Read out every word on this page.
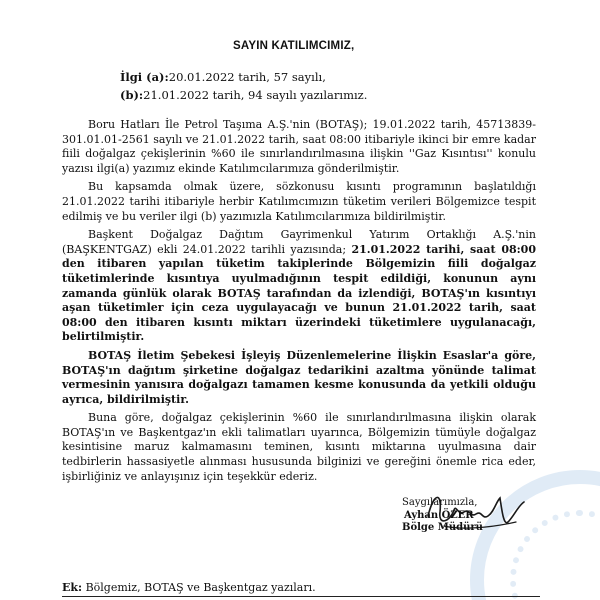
SAYIN KATILIMCIMIZ,
İlgi (a):20.01.2022 tarih, 57 sayılı,
(b):21.01.2022 tarih, 94 sayılı yazılarımız.

Boru Hatları İle Petrol Taşıma A.Ş.'nin (BOTAŞ); 19.01.2022 tarih, 45713839-301.01.01-2561 sayılı ve 21.01.2022 tarih, saat 08:00 itibariyle ikinci bir emre kadar fiili doğalgaz çekişlerinin %60 ile sınırlandırılmasına ilişkin ''Gaz Kısıntısı'' konulu yazısı ilgi(a) yazımız ekinde Katılımcılarımıza gönderilmiştir.

Bu kapsamda olmak üzere, sözkonusu kısıntı programının başlatıldığı 21.01.2022 tarihi itibariyle herbir Katılımcımızın tüketim verileri Bölgemizce tespit edilmiş ve bu veriler ilgi (b) yazımızla Katılımcılarımıza bildirilmiştir.

Başkent Doğalgaz Dağıtım Gayrimenkul Yatırım Ortaklığı A.Ş.'nin (BAŞKENTGAZ) ekli 24.01.2022 tarihli yazısında; 21.01.2022 tarihi, saat 08:00 den itibaren yapılan tüketim takiplerinde Bölgemizin fiili doğalgaz tüketimlerinde kısıntıya uyulmadığının tespit edildiği, konunun aynı zamanda günlük olarak BOTAŞ tarafından da izlendiği, BOTAŞ'ın kısıntıyı aşan tüketimler için ceza uygulayacağı ve bunun 21.01.2022 tarih, saat 08:00 den itibaren kısıntı miktarı üzerindeki tüketimlere uygulanacağı, belirtilmiştir.

BOTAŞ İletim Şebekesi İşleyiş Düzenlemelerine İlişkin Esaslar'a göre, BOTAŞ'ın dağıtım şirketine doğalgaz tedarikini azaltma yönünde talimat vermesinin yanısıra doğalgazı tamamen kesme konusunda da yetkili olduğu ayrıca, bildirilmiştir.

Buna göre, doğalgaz çekişlerinin %60 ile sınırlandırılmasına ilişkin olarak BOTAŞ'ın ve Başkentgaz'ın ekli talimatları uyarınca, Bölgemizin tümüyle doğalgaz kesintisine maruz kalmamasını teminen, kısıntı miktarına uyulmasına dair tedbirlerin hassasiyetle alınması hususunda bilginizi ve gereğini önemle rica eder, işbirliğiniz ve anlayışınız için teşekkür ederiz.

Saygılarımızla,
Ayhan ÖZER
Bölge Müdürü
Ek: Bölgemiz, BOTAŞ ve Başkentgaz yazıları.
